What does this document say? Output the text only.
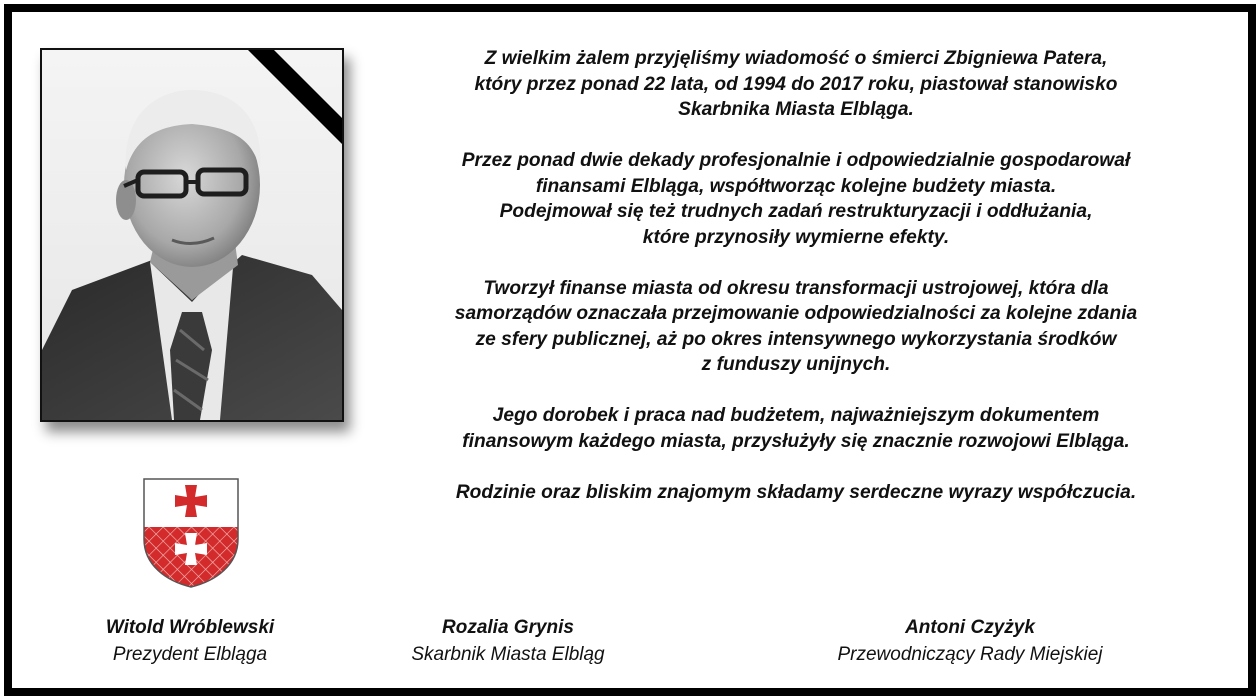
Z wielkim żalem przyjęliśmy wiadomość o śmierci Zbigniewa Patera,
który przez ponad 22 lata, od 1994 do 2017 roku, piastował stanowisko
Skarbnika Miasta Elbląga.

Przez ponad dwie dekady profesjonalnie i odpowiedzialnie gospodarował
finansami Elbląga, współtworząc kolejne budżety miasta.
Podejmował się też trudnych zadań restrukturyzacji i oddłużania,
które przynosiły wymierne efekty.

Tworzył finanse miasta od okresu transformacji ustrojowej, która dla
samorządów oznaczała przejmowanie odpowiedzialności za kolejne zdania
ze sfery publicznej, aż po okres intensywnego wykorzystania środków
z funduszy unijnych.

Jego dorobek i praca nad budżetem, najważniejszym dokumentem
finansowym każdego miasta, przysłużyły się znacznie rozwojowi Elbląga.

Rodzinie oraz bliskim znajomym składamy serdeczne wyrazy współczucia.

Witold Wróblewski
Prezydent Elbląga
Rozalia Grynis
Skarbnik Miasta Elbląg
Antoni Czyżyk
Przewodniczący Rady Miejskiej
